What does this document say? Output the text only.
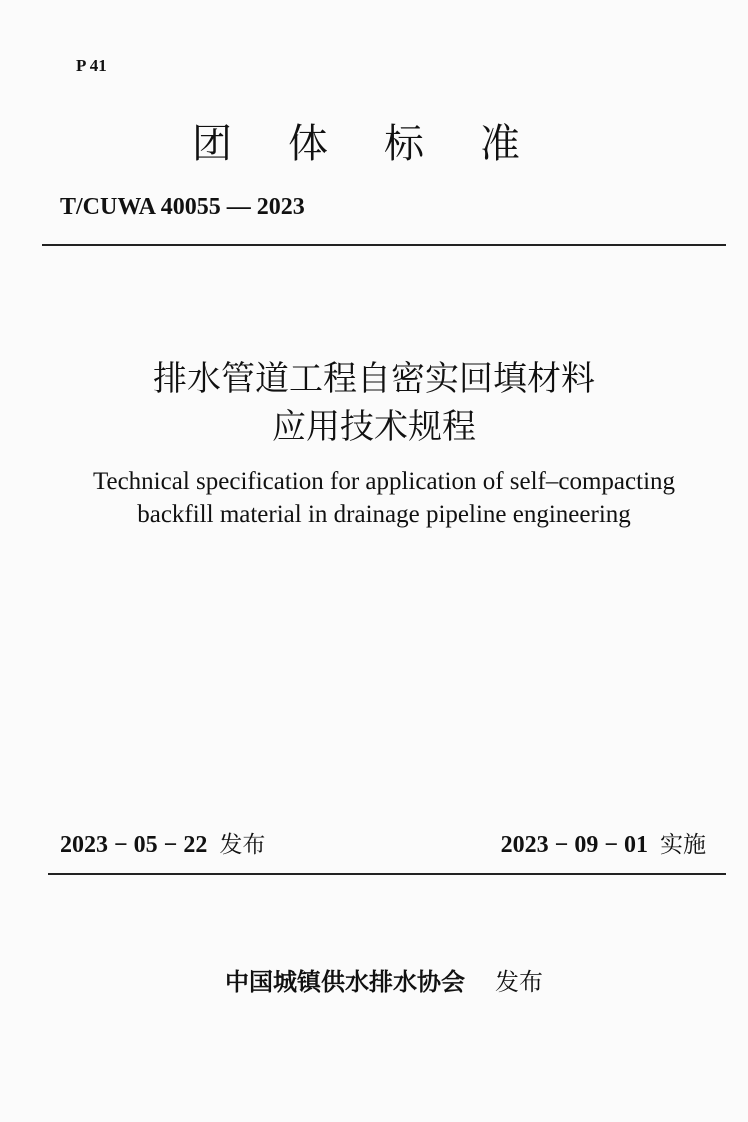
P 41
团体标准
T/CUWA 40055 — 2023
排水管道工程自密实回填材料
应用技术规程
Technical specification for application of self–compacting
backfill material in drainage pipeline engineering
2023 − 05 − 22 发布	2023 − 09 − 01 实施
中国城镇供水排水协会 发布
